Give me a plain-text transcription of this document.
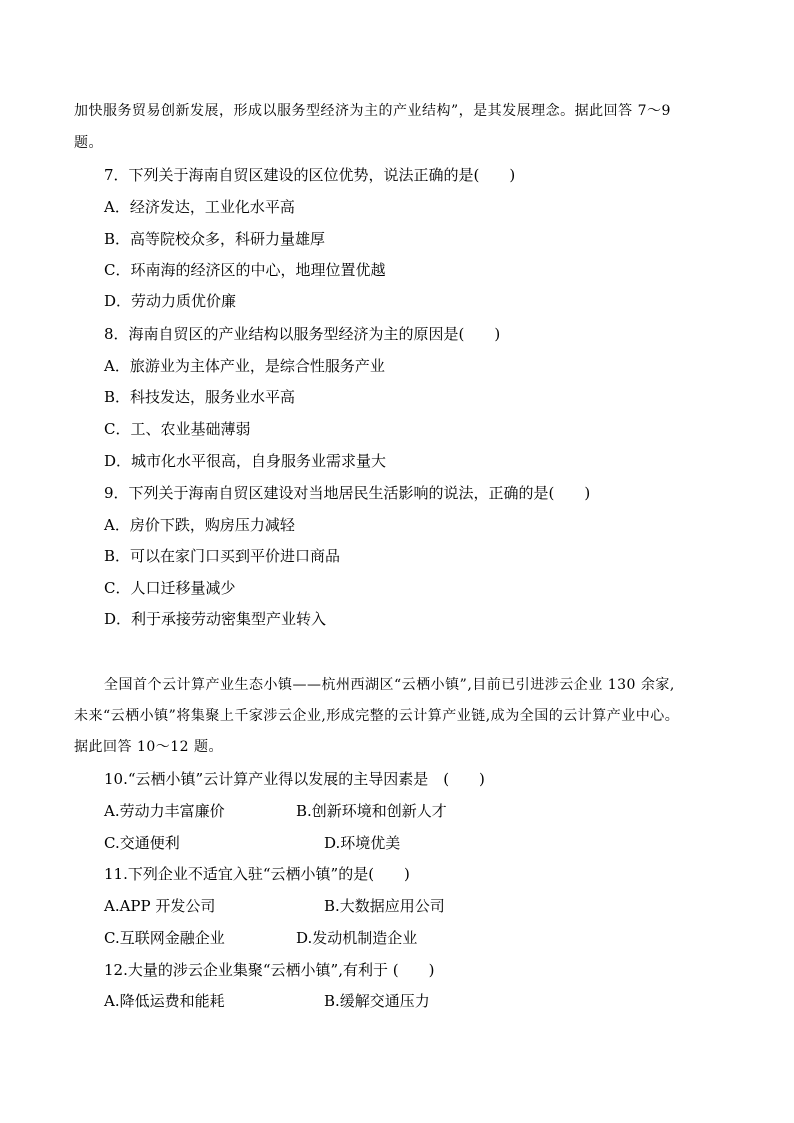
加快服务贸易创新发展，形成以服务型经济为主的产业结构”，是其发展理念。据此回答 7～9
题。
7．下列关于海南自贸区建设的区位优势，说法正确的是(　　)
A．经济发达，工业化水平高
B．高等院校众多，科研力量雄厚
C．环南海的经济区的中心，地理位置优越
D．劳动力质优价廉
8．海南自贸区的产业结构以服务型经济为主的原因是(　　)
A．旅游业为主体产业，是综合性服务产业
B．科技发达，服务业水平高
C．工、农业基础薄弱
D．城市化水平很高，自身服务业需求量大
9．下列关于海南自贸区建设对当地居民生活影响的说法，正确的是(　　)
A．房价下跌，购房压力减轻
B．可以在家门口买到平价进口商品
C．人口迁移量减少
D．利于承接劳动密集型产业转入
全国首个云计算产业生态小镇——杭州西湖区“云栖小镇”,目前已引进涉云企业 130 余家,
未来“云栖小镇”将集聚上千家涉云企业,形成完整的云计算产业链,成为全国的云计算产业中心。
据此回答 10～12 题。
10.“云栖小镇”云计算产业得以发展的主导因素是　(　　)
A.劳动力丰富廉价	B.创新环境和创新人才
C.交通便利	D.环境优美
11.下列企业不适宜入驻“云栖小镇”的是(　　)
A.APP 开发公司	B.大数据应用公司
C.互联网金融企业	D.发动机制造企业
12.大量的涉云企业集聚“云栖小镇”,有利于 (　　)
A.降低运费和能耗	B.缓解交通压力
